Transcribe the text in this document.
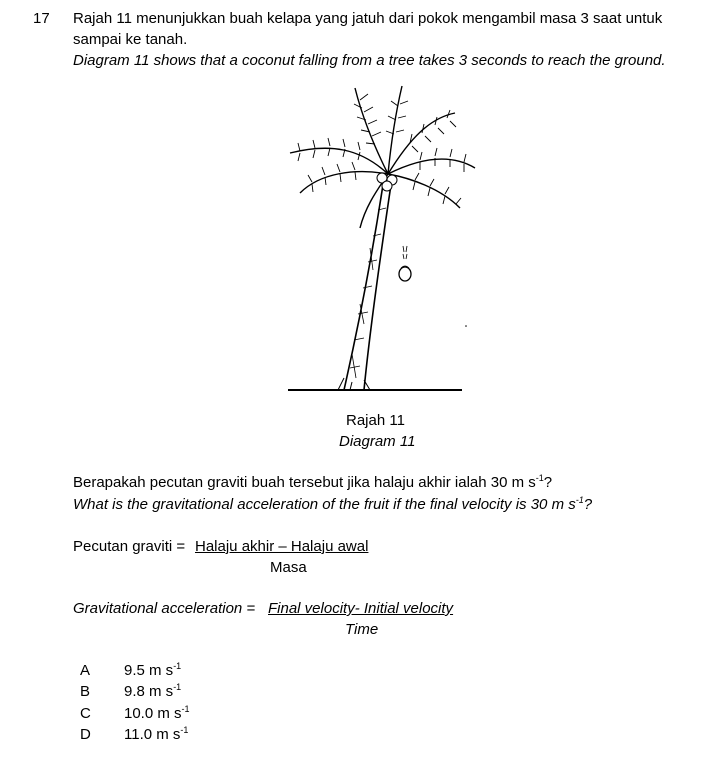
17 Rajah 11 menunjukkan buah kelapa yang jatuh dari pokok mengambil masa 3 saat untuk
sampai ke tanah.
Diagram 11 shows that a coconut falling from a tree takes 3 seconds to reach the ground.
Rajah 11
Diagram 11
Berapakah pecutan graviti buah tersebut jika halaju akhir ialah 30 m $s^{-1}$?
What is the gravitational acceleration of the fruit if the final velocity is 30 m $s^{-1}$?
Pecutan graviti = Halaju akhir – Halaju awal
Masa
Gravitational acceleration = Final velocity- Initial velocity
Time
A 9.5 m $s^{-1}$
B 9.8 m $s^{-1}$
C 10.0 m $s^{-1}$
D 11.0 m $s^{-1}$
